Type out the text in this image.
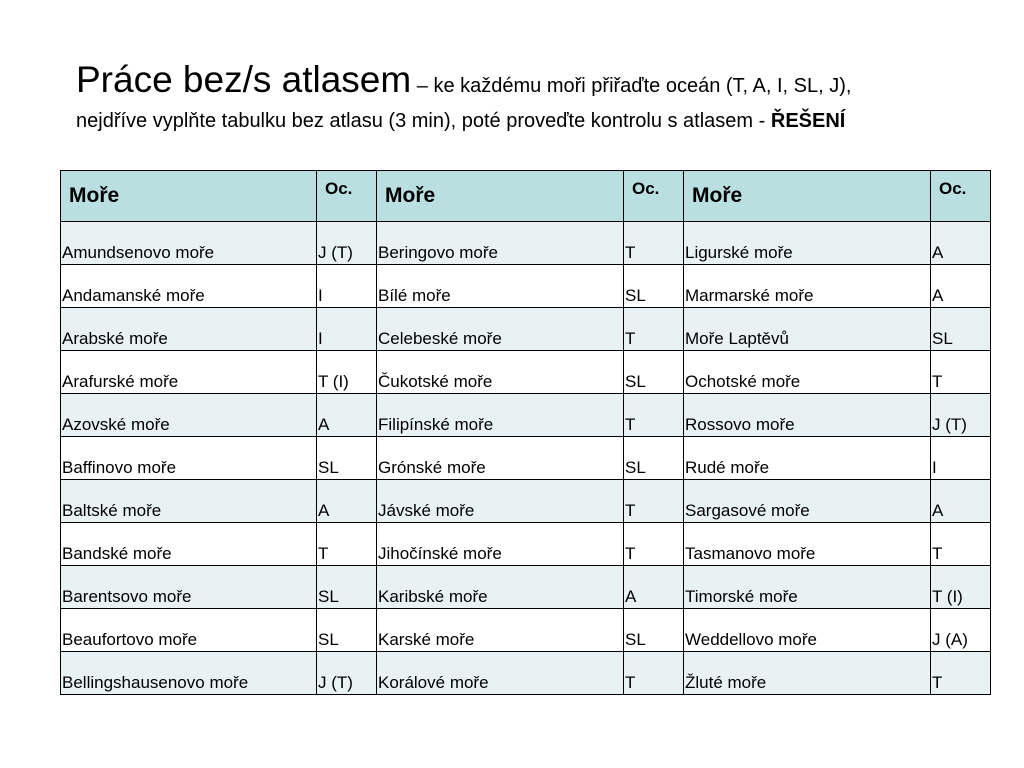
Práce bez/s atlasem – ke každému moři přiřaďte oceán (T, A, I, SL, J),
nejdříve vyplňte tabulku bez atlasu (3 min), poté proveďte kontrolu s atlasem - ŘEŠENÍ
Moře	Oc.	Moře	Oc.	Moře	Oc.
Amundsenovo moře	J (T)	Beringovo moře	T	Ligurské moře	A
Andamanské moře	I	Bílé moře	SL	Marmarské moře	A
Arabské moře	I	Celebeské moře	T	Moře Laptěvů	SL
Arafurské moře	T (I)	Čukotské moře	SL	Ochotské moře	T
Azovské moře	A	Filipínské moře	T	Rossovo moře	J (T)
Baffinovo moře	SL	Grónské moře	SL	Rudé moře	I
Baltské moře	A	Jávské moře	T	Sargasové moře	A
Bandské moře	T	Jihočínské moře	T	Tasmanovo moře	T
Barentsovo moře	SL	Karibské moře	A	Timorské moře	T (I)
Beaufortovo moře	SL	Karské moře	SL	Weddellovo moře	J (A)
Bellingshausenovo moře	J (T)	Korálové moře	T	Žluté moře	T
